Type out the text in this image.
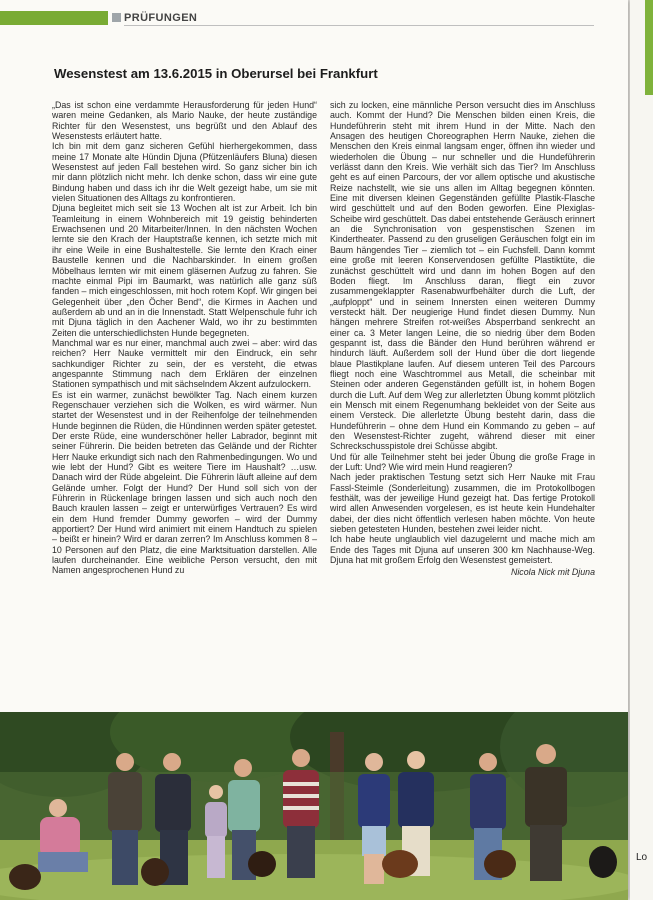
PRÜFUNGEN
Wesenstest am 13.6.2015 in Oberursel bei Frankfurt

„Das ist schon eine verdammte Herausforderung für jeden Hund“ waren meine Gedanken, als Mario Nauke, der heute zuständige Richter für den Wesenstest, uns begrüßt und den Ablauf des Wesenstests erläutert hatte.

Ich bin mit dem ganz sicheren Gefühl hierhergekommen, dass meine 17 Monate alte Hündin Djuna (Pfützenläufers Bluna) diesen Wesenstest auf jeden Fall bestehen wird. So ganz sicher bin ich mir dann plötzlich nicht mehr. Ich denke schon, dass wir eine gute Bindung haben und dass ich ihr die Welt gezeigt habe, um sie mit vielen Situationen des Alltags zu konfrontieren.

Djuna begleitet mich seit sie 13 Wochen alt ist zur Arbeit. Ich bin Teamleitung in einem Wohnbereich mit 19 geistig behinderten Erwachsenen und 20 Mitarbeiter/Innen. In den nächsten Wochen lernte sie den Krach der Hauptstraße kennen, ich setzte mich mit ihr eine Weile in eine Bushaltestelle. Sie lernte den Krach einer Baustelle kennen und die Nachbarskinder. In einem großen Möbelhaus lernten wir mit einem gläsernen Aufzug zu fahren. Sie machte einmal Pipi im Baumarkt, was natürlich alle ganz süß fanden – mich eingeschlossen, mit hoch rotem Kopf. Wir gingen bei Gelegenheit über „den Öcher Bend“, die Kirmes in Aachen und außerdem ab und an in die Innenstadt. Statt Welpenschule fuhr ich mit Djuna täglich in den Aachener Wald, wo ihr zu bestimmten Zeiten die unterschiedlichsten Hunde begegneten.

Manchmal war es nur einer, manchmal auch zwei – aber: wird das reichen? Herr Nauke vermittelt mir den Eindruck, ein sehr sachkundiger Richter zu sein, der es versteht, die etwas angespannte Stimmung nach dem Erklären der einzelnen Stationen sympathisch und mit sächselndem Akzent aufzulockern.

Es ist ein warmer, zunächst bewölkter Tag. Nach einem kurzen Regenschauer verziehen sich die Wolken, es wird wärmer. Nun startet der Wesenstest und in der Reihenfolge der teilnehmenden Hunde beginnen die Rüden, die Hündinnen werden später getestet. Der erste Rüde, eine wunderschöner heller Labrador, beginnt mit seiner Führerin. Die beiden betreten das Gelände und der Richter Herr Nauke erkundigt sich nach den Rahmenbedingungen. Wo und wie lebt der Hund? Gibt es weitere Tiere im Haushalt? …usw. Danach wird der Rüde abgeleint. Die Führerin läuft alleine auf dem Gelände umher. Folgt der Hund? Der Hund soll sich von der Führerin in Rückenlage bringen lassen und sich auch noch den Bauch kraulen lassen – zeigt er unterwürfiges Vertrauen? Es wird ein dem Hund fremder Dummy geworfen – wird der Dummy apportiert? Der Hund wird animiert mit einem Handtuch zu spielen – beißt er hinein? Wird er daran zerren? Im Anschluss kommen 8 – 10 Personen auf den Platz, die eine Marktsituation darstellen. Alle laufen durcheinander. Eine weibliche Person versucht, den mit Namen angesprochenen Hund zu

sich zu locken, eine männliche Person versucht dies im Anschluss auch. Kommt der Hund? Die Menschen bilden einen Kreis, die Hundeführerin steht mit ihrem Hund in der Mitte. Nach den Ansagen des heutigen Choreographen Herrn Nauke, ziehen die Menschen den Kreis einmal langsam enger, öffnen ihn wieder und wiederholen die Übung – nur schneller und die Hundeführerin verlässt dann den Kreis. Wie verhält sich das Tier? Im Anschluss geht es auf einen Parcours, der vor allem optische und akustische Reize nachstellt, wie sie uns allen im Alltag begegnen könnten. Eine mit diversen kleinen Gegenständen gefüllte Plastik-Flasche wird geschüttelt und auf den Boden geworfen. Eine Plexiglas-Scheibe wird geschüttelt. Das dabei entstehende Geräusch erinnert an die Synchronisation von gespenstischen Szenen im Kindertheater. Passend zu den gruseligen Geräuschen folgt ein im Baum hängendes Tier – ziemlich tot – ein Fuchsfell. Dann kommt eine große mit leeren Konservendosen gefüllte Plastiktüte, die zunächst geschüttelt wird und dann im hohen Bogen auf den Boden fliegt. Im Anschluss daran, fliegt ein zuvor zusammengeklappter Rasenabwurfbehälter durch die Luft, der „aufploppt“ und in seinem Innersten einen weiteren Dummy versteckt hält. Der neugierige Hund findet diesen Dummy. Nun hängen mehrere Streifen rot-weißes Absperrband senkrecht an einer ca. 3 Meter langen Leine, die so niedrig über dem Boden gespannt ist, dass die Bänder den Hund berühren während er hindurch läuft. Außerdem soll der Hund über die dort liegende blaue Plastikplane laufen. Auf diesem unteren Teil des Parcours fliegt noch eine Waschtrommel aus Metall, die scheinbar mit Steinen oder anderen Gegenständen gefüllt ist, in hohem Bogen durch die Luft. Auf dem Weg zur allerletzten Übung kommt plötzlich ein Mensch mit einem Regenumhang bekleidet von der Seite aus einem Versteck. Die allerletzte Übung besteht darin, dass die Hundeführerin – ohne dem Hund ein Kommando zu geben – auf den Wesenstest-Richter zugeht, während dieser mit einer Schreckschusspistole drei Schüsse abgibt.

Und für alle Teilnehmer steht bei jeder Übung die große Frage in der Luft: Und? Wie wird mein Hund reagieren?

Nach jeder praktischen Testung setzt sich Herr Nauke mit Frau Fassl-Steimle (Sonderleitung) zusammen, die im Protokollbogen festhält, was der jeweilige Hund gezeigt hat. Das fertige Protokoll wird allen Anwesenden vorgelesen, es ist heute kein Hundehalter dabei, der dies nicht öffentlich verlesen haben möchte. Von heute sieben getesteten Hunden, bestehen zwei leider nicht.

Ich habe heute unglaublich viel dazugelernt und mache mich am Ende des Tages mit Djuna auf unseren 300 km Nachhause-Weg. Djuna hat mit großem Erfolg den Wesenstest gemeistert.

Nicola Nick mit Djuna

Lo
